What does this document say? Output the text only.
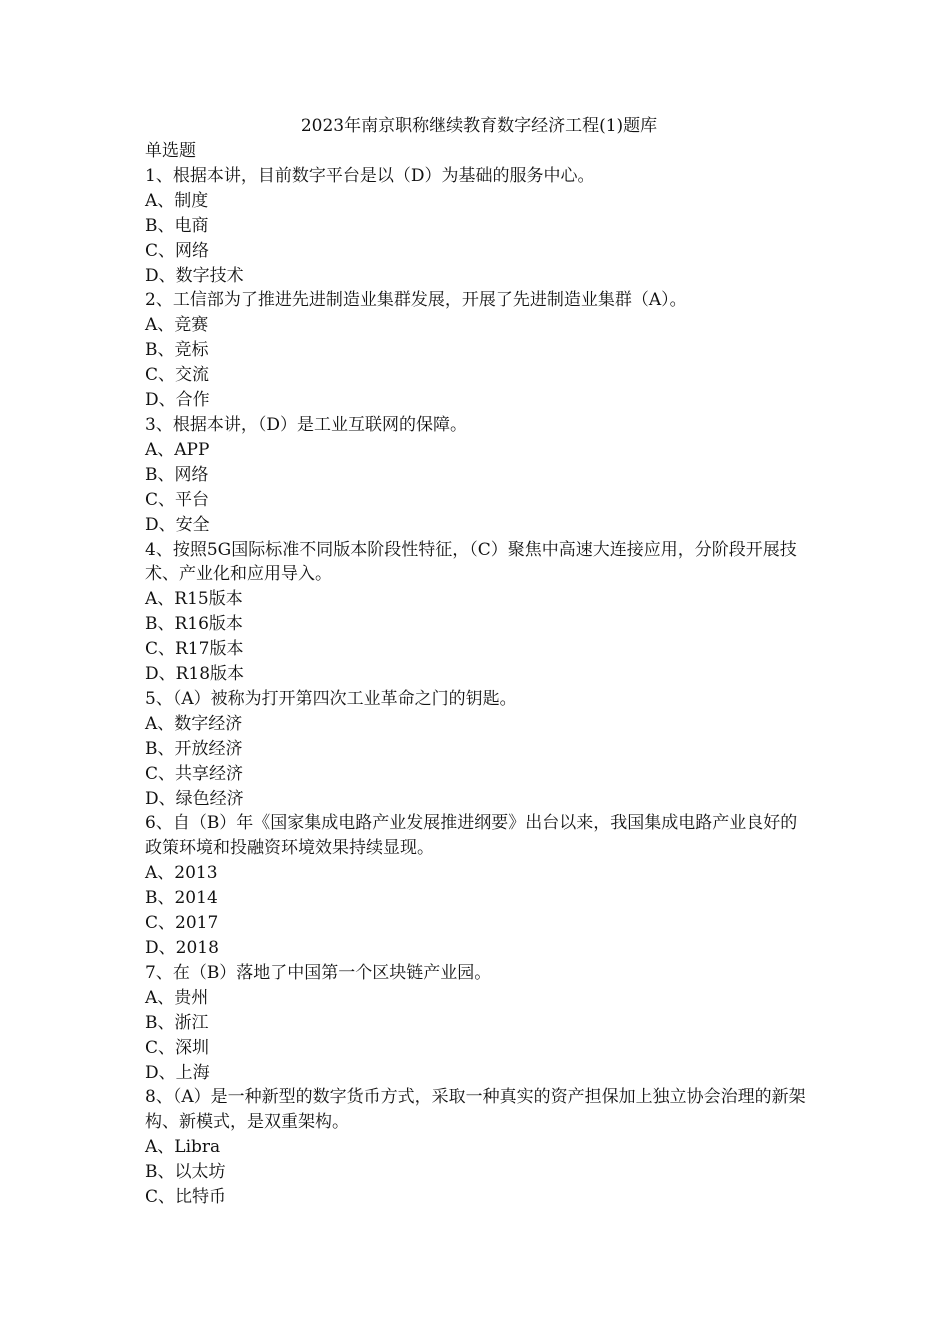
2023年南京职称继续教育数字经济工程(1)题库

单选题

1、根据本讲，目前数字平台是以（D）为基础的服务中心。

A、制度

B、电商

C、网络

D、数字技术

2、工信部为了推进先进制造业集群发展，开展了先进制造业集群（A）。

A、竞赛

B、竞标

C、交流

D、合作

3、根据本讲，（D）是工业互联网的保障。

A、APP

B、网络

C、平台

D、安全

4、按照5G国际标准不同版本阶段性特征，（C）聚焦中高速大连接应用，分阶段开展技术、产业化和应用导入。

A、R15版本

B、R16版本

C、R17版本

D、R18版本

5、（A）被称为打开第四次工业革命之门的钥匙。

A、数字经济

B、开放经济

C、共享经济

D、绿色经济

6、自（B）年《国家集成电路产业发展推进纲要》出台以来，我国集成电路产业良好的政策环境和投融资环境效果持续显现。

A、2013

B、2014

C、2017

D、2018

7、在（B）落地了中国第一个区块链产业园。

A、贵州

B、浙江

C、深圳

D、上海

8、（A）是一种新型的数字货币方式，采取一种真实的资产担保加上独立协会治理的新架构、新模式，是双重架构。

A、Libra

B、以太坊

C、比特币
